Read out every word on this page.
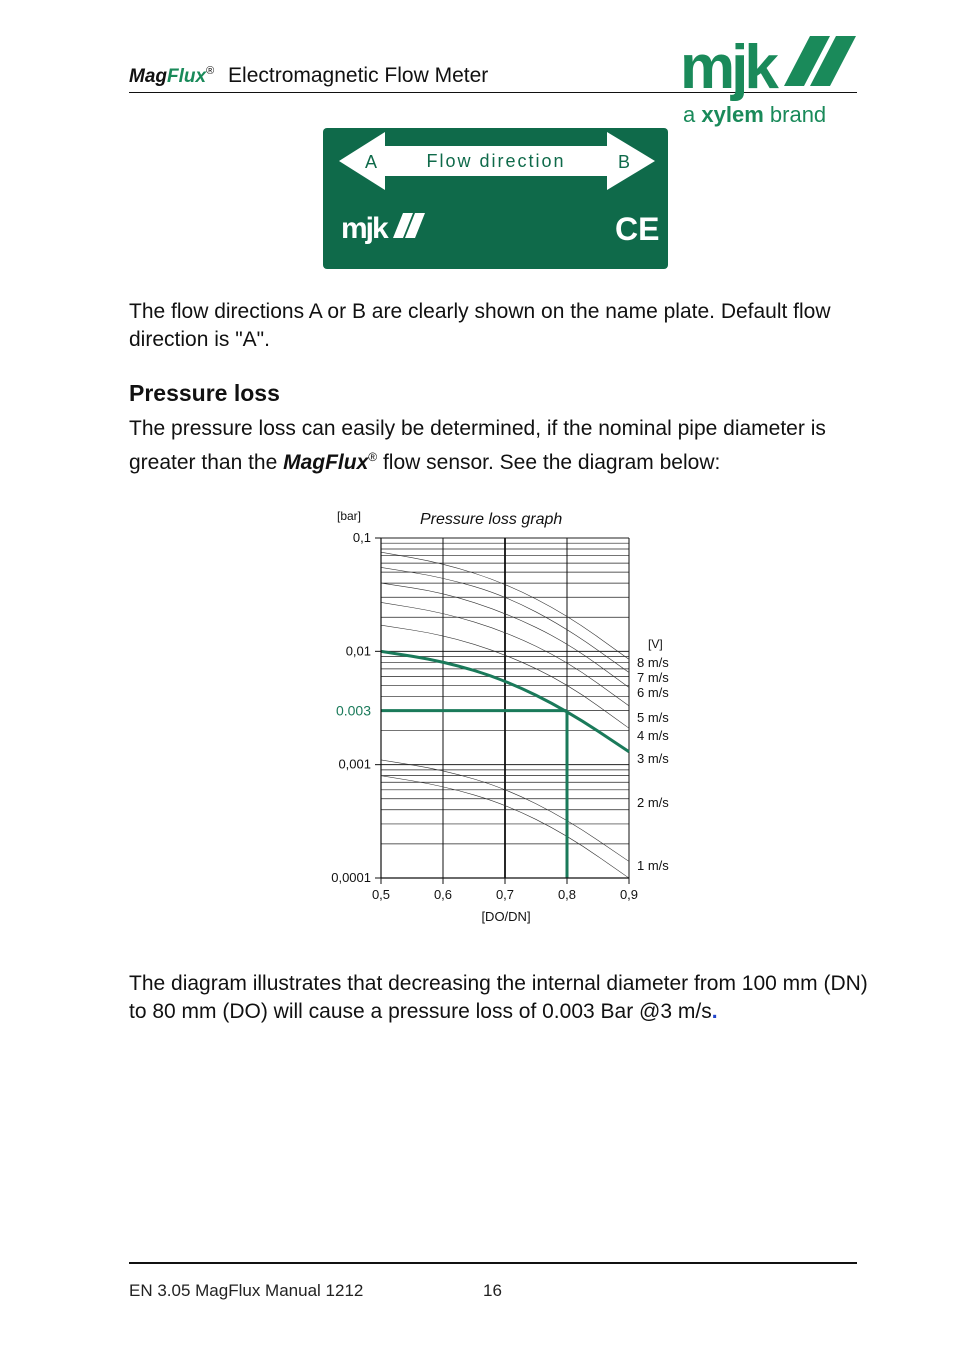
MagFlux® Electromagnetic Flow Meter	mjk
a xylem brand
A	Flow direction	B
mjk	CE
The flow directions A or B are clearly shown on the name plate. Default flow direction is "A".
Pressure loss
The pressure loss can easily be determined, if the nominal pipe diameter is greater than the MagFlux® flow sensor. See the diagram below:
0.003
0,5	0,6	0,7	0,8	0,9
0,1
0,01
0,001
0,0001
Pressure loss graph
[bar]
[DO/DN]
[V]
8 m/s
7 m/s
6 m/s
5 m/s
4 m/s
3 m/s
2 m/s
1 m/s
The diagram illustrates that decreasing the internal diameter from 100 mm (DN) to 80 mm (DO) will cause a pressure loss of 0.003 Bar @3 m/s.
EN 3.05 MagFlux Manual 1212	16
